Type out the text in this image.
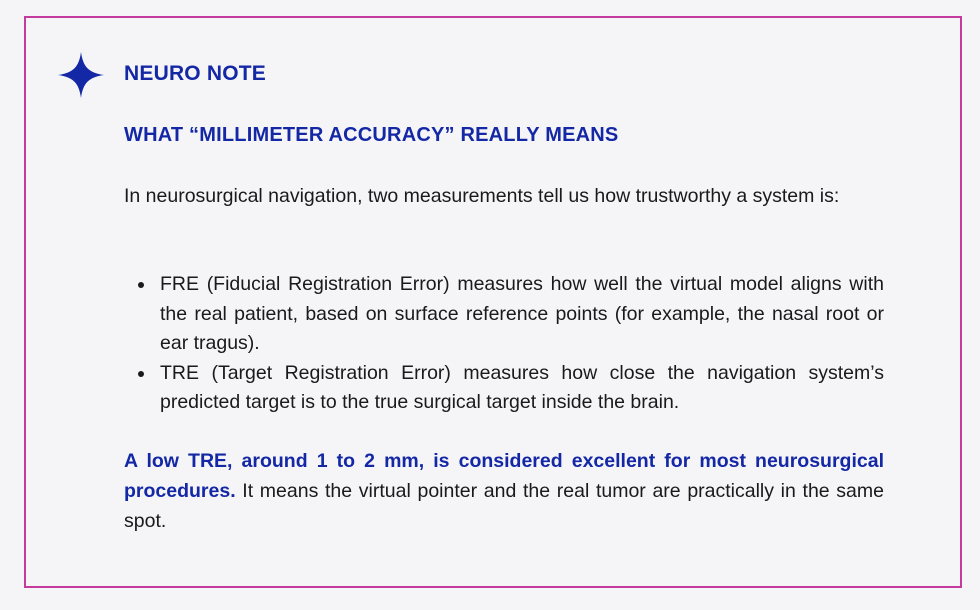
NEURO NOTE
WHAT “MILLIMETER ACCURACY” REALLY MEANS

In neurosurgical navigation, two measurements tell us how trustworthy a system is:

FRE (Fiducial Registration Error) measures how well the virtual model aligns with the real patient, based on surface reference points (for example, the nasal root or ear tragus).
TRE (Target Registration Error) measures how close the navigation system’s predicted target is to the true surgical target inside the brain.

A low TRE, around 1 to 2 mm, is considered excellent for most neurosurgical procedures. It means the virtual pointer and the real tumor are practically in the same spot.
